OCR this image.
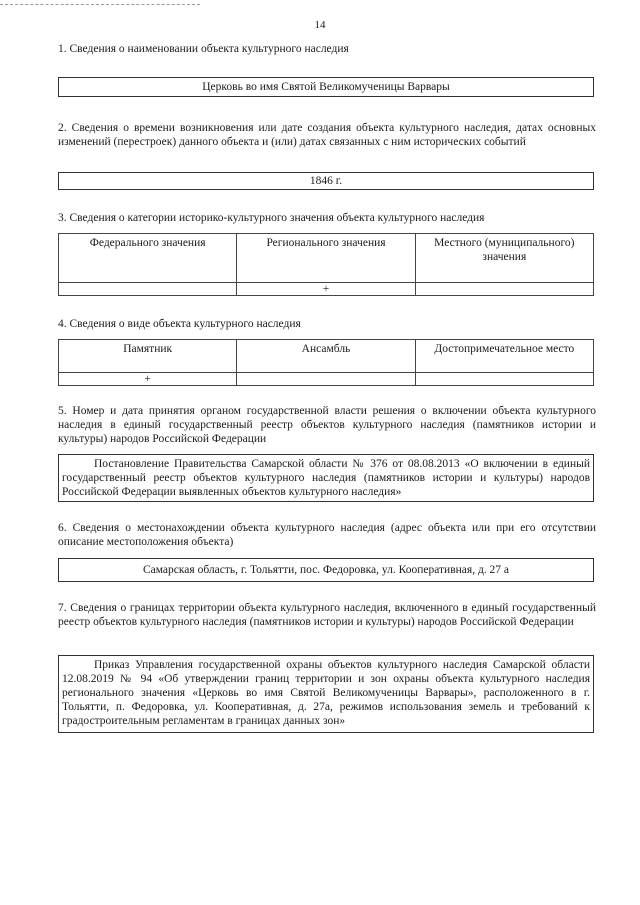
14

1. Сведения о наименовании объекта культурного наследия

Церковь во имя Святой Великомученицы Варвары

2. Сведения о времени возникновения или дате создания объекта культурного наследия, датах основных изменений (перестроек) данного объекта и (или) датах связанных с ним исторических событий

1846 г.

3. Сведения о категории историко-культурного значения объекта культурного наследия

Федерального значения	Регионального значения	Местного (муниципального) значения
	+	

4. Сведения о виде объекта культурного наследия

Памятник	Ансамбль	Достопримечательное место
+		

5. Номер и дата принятия органом государственной власти решения о включении объекта культурного наследия в единый государственный реестр объектов культурного наследия (памятников истории и культуры) народов Российской Федерации

Постановление Правительства Самарской области № 376 от 08.08.2013 «О включении в единый государственный реестр объектов культурного наследия (памятников истории и культуры) народов Российской Федерации выявленных объектов культурного наследия»

6. Сведения о местонахождении объекта культурного наследия (адрес объекта или при его отсутствии описание местоположения объекта)

Самарская область, г. Тольятти, пос. Федоровка, ул. Кооперативная, д. 27 а

7. Сведения о границах территории объекта культурного наследия, включенного в единый государственный реестр объектов культурного наследия (памятников истории и культуры) народов Российской Федерации

Приказ Управления государственной охраны объектов культурного наследия Самарской области 12.08.2019 № 94 «Об утверждении границ территории и зон охраны объекта культурного наследия регионального значения «Церковь во имя Святой Великомученицы Варвары», расположенного в г. Тольятти, п. Федоровка, ул. Кооперативная, д. 27а, режимов использования земель и требований к градостроительным регламентам в границах данных зон»
